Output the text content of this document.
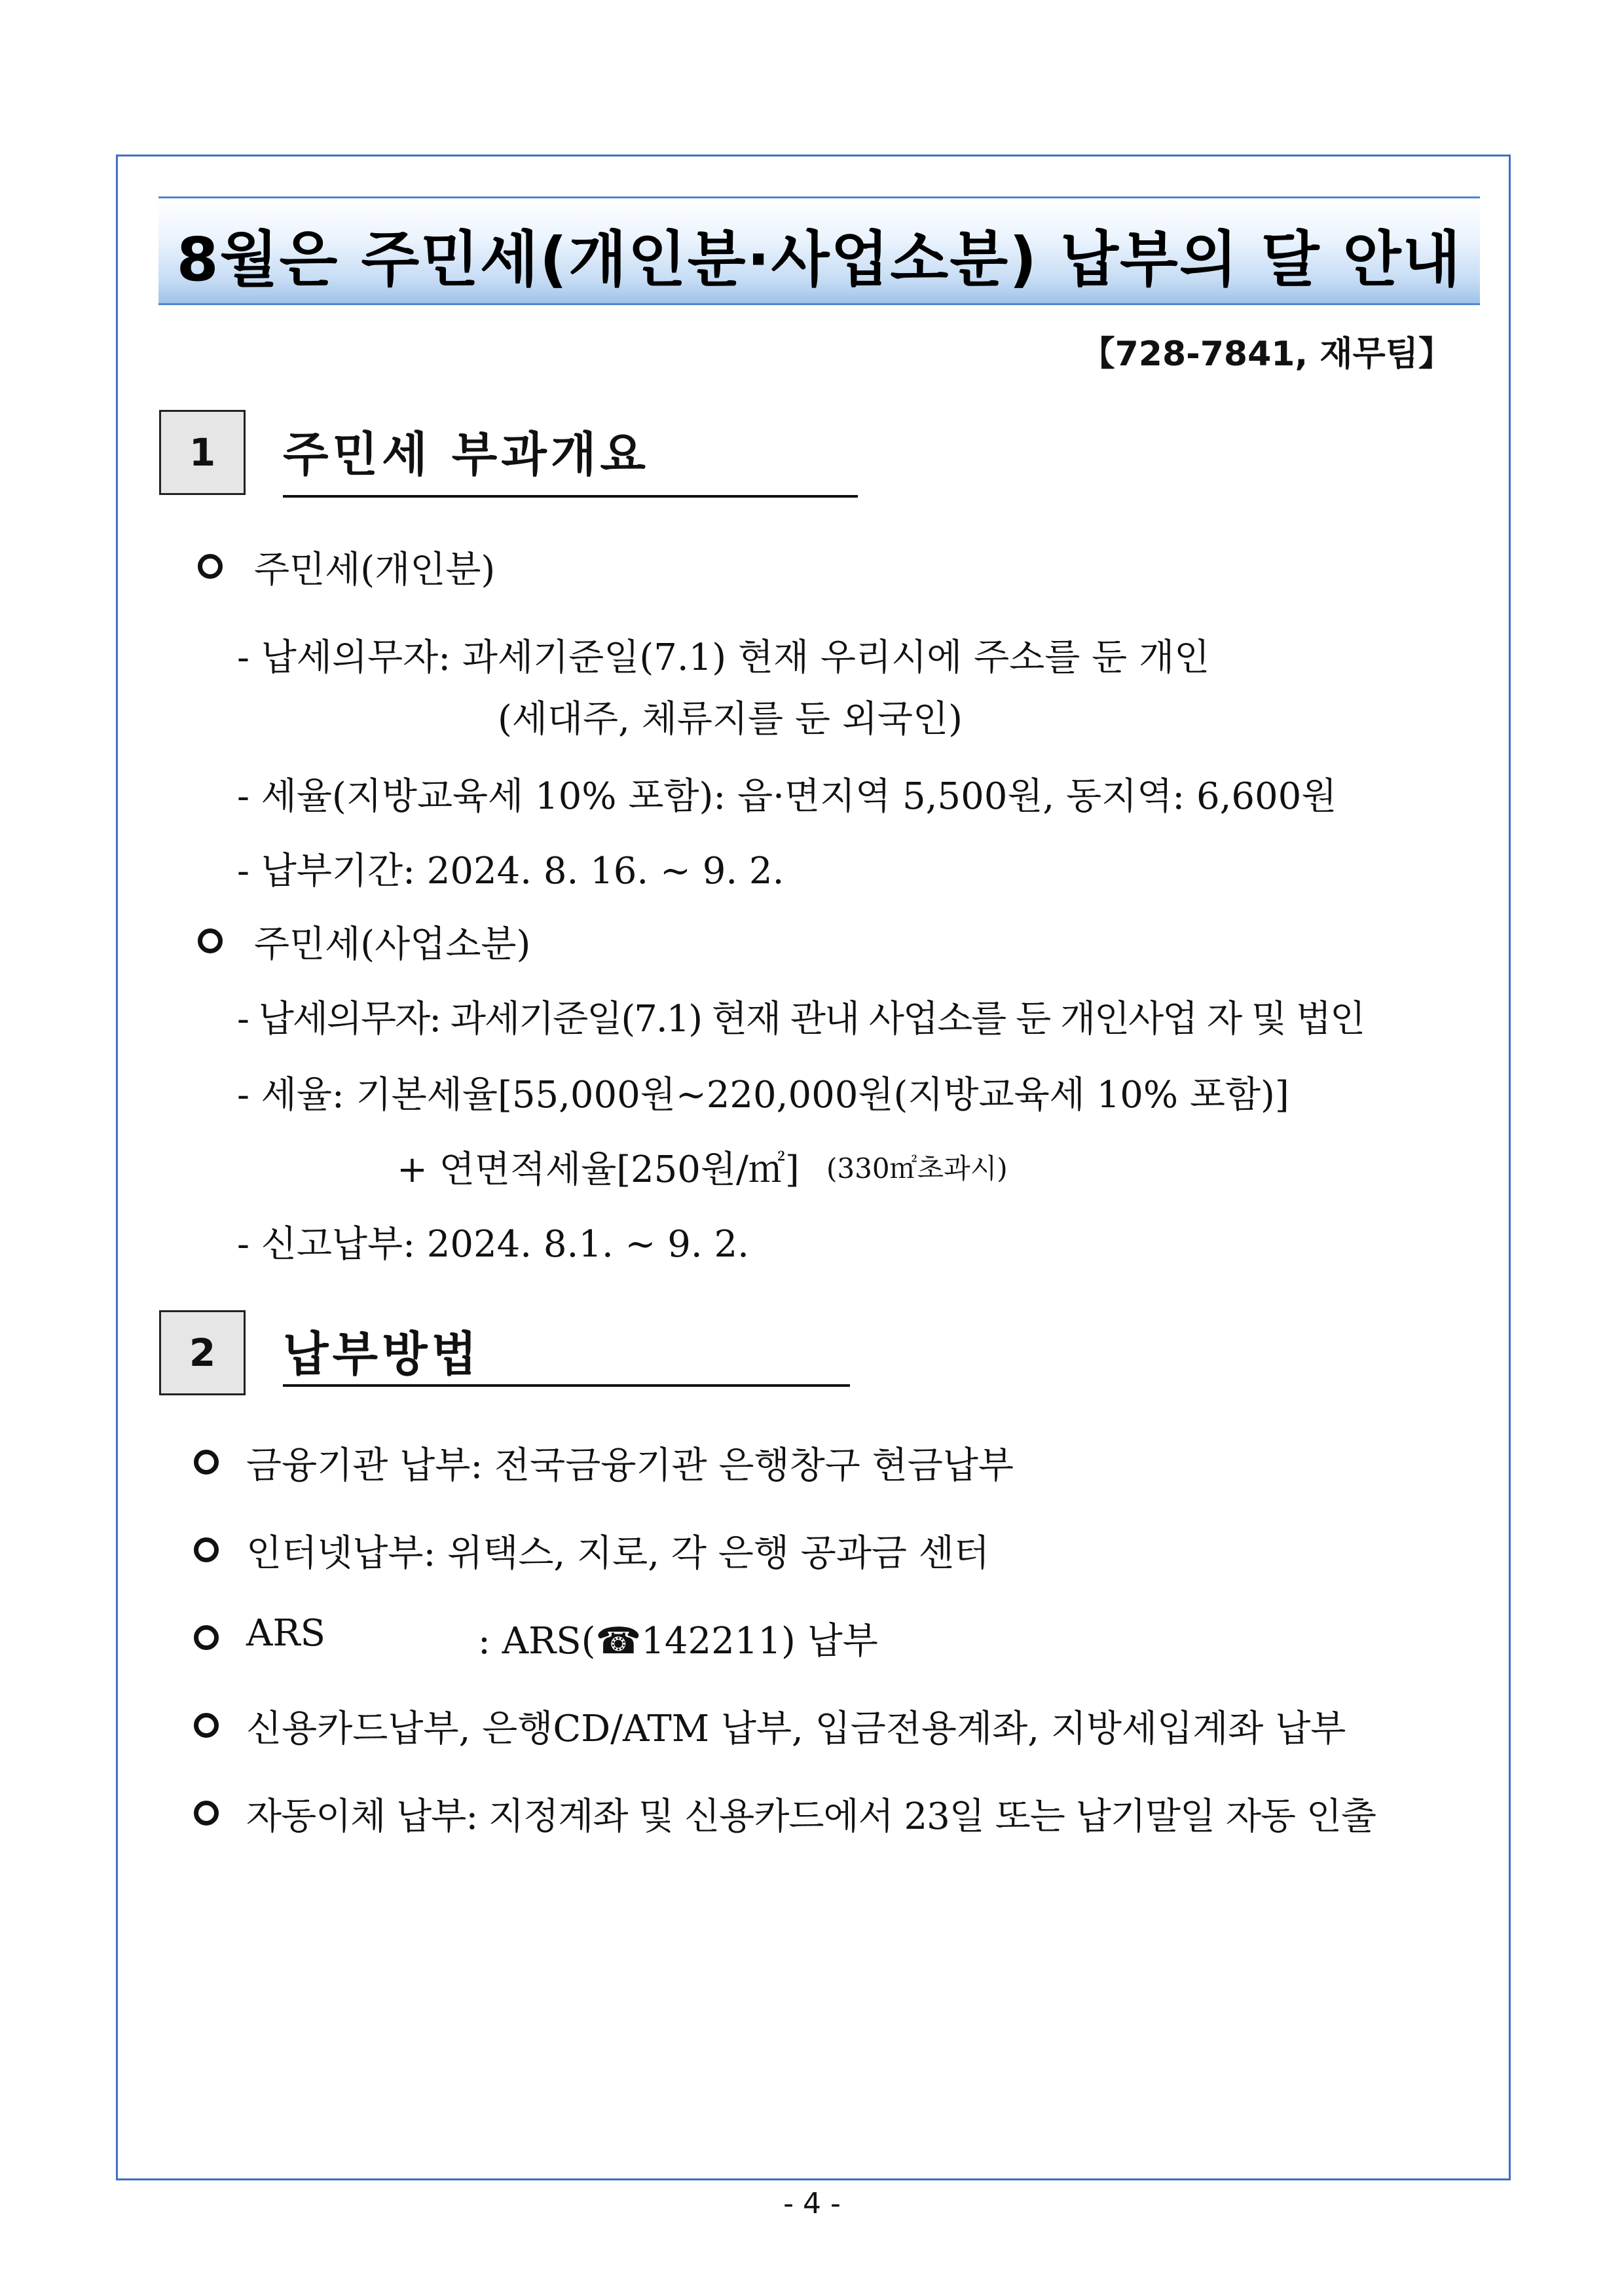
8월은 주민세(개인분·사업소분) 납부의 달 안내
【728-7841, 재무팀】
1	주민세 부과개요
주민세(개인분)
- 납세의무자: 과세기준일(7.1) 현재 우리시에 주소를 둔 개인
(세대주, 체류지를 둔 외국인)
- 세율(지방교육세 10% 포함): 읍·면지역 5,500원, 동지역: 6,600원
- 납부기간: 2024. 8. 16. ~ 9. 2.
주민세(사업소분)
- 납세의무자: 과세기준일(7.1) 현재 관내 사업소를 둔 개인사업 자 및 법인
- 세율: 기본세율[55,000원~220,000원(지방교육세 10% 포함)]
+ 연면적세율[250원/㎡] (330㎡초과시)
- 신고납부: 2024. 8.1. ~ 9. 2.
2	납부방법
금융기관 납부: 전국금융기관 은행창구 현금납부
인터넷납부: 위택스, 지로, 각 은행 공과금 센터
ARS	: ARS(☎142211) 납부
신용카드납부, 은행CD/ATM 납부, 입금전용계좌, 지방세입계좌 납부
자동이체 납부: 지정계좌 및 신용카드에서 23일 또는 납기말일 자동 인출
- 4 -
